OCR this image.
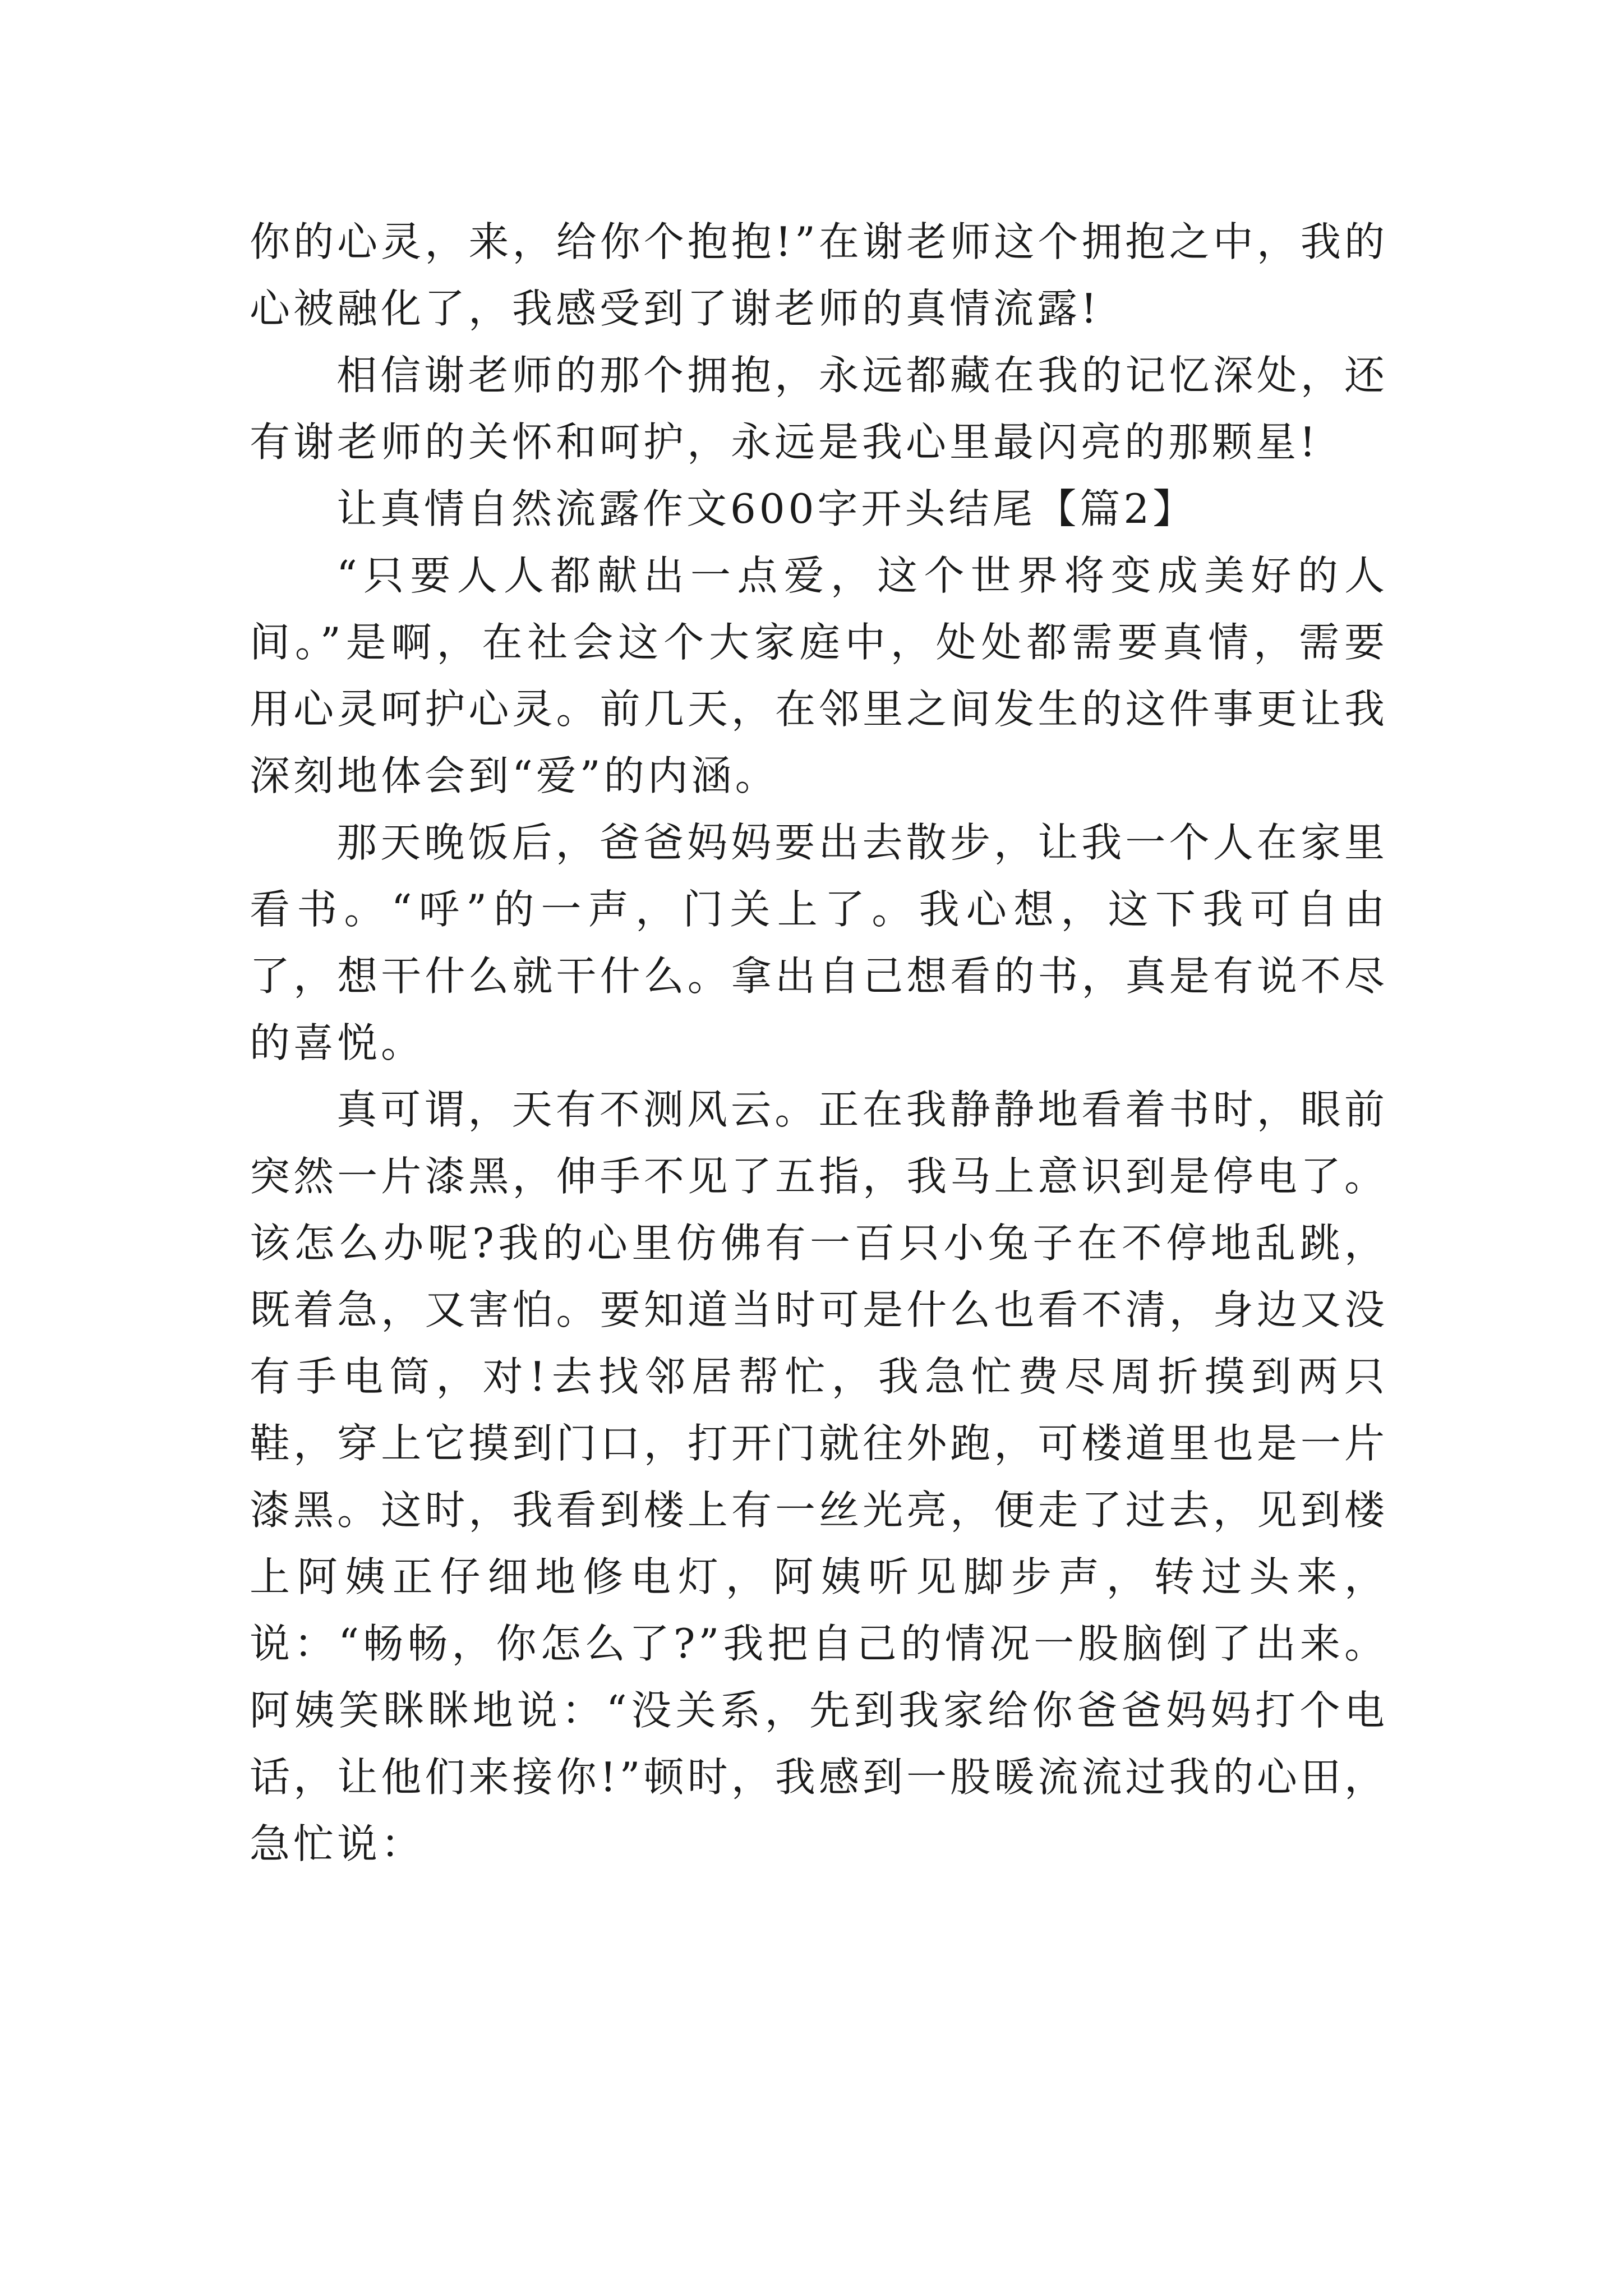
你的心灵，来，给你个抱抱!”在谢老师这个拥抱之中，我的心被融化了，我感受到了谢老师的真情流露!

相信谢老师的那个拥抱，永远都藏在我的记忆深处，还有谢老师的关怀和呵护，永远是我心里最闪亮的那颗星!

让真情自然流露作文600字开头结尾【篇2】

“只要人人都献出一点爱，这个世界将变成美好的人间。”是啊，在社会这个大家庭中，处处都需要真情，需要用心灵呵护心灵。前几天，在邻里之间发生的这件事更让我深刻地体会到“爱”的内涵。

那天晚饭后，爸爸妈妈要出去散步，让我一个人在家里看书。“呼”的一声，门关上了。我心想，这下我可自由了，想干什么就干什么。拿出自己想看的书，真是有说不尽的喜悦。

真可谓，天有不测风云。正在我静静地看着书时，眼前突然一片漆黑，伸手不见了五指，我马上意识到是停电了。该怎么办呢?我的心里仿佛有一百只小兔子在不停地乱跳，既着急，又害怕。要知道当时可是什么也看不清，身边又没有手电筒，对!去找邻居帮忙，我急忙费尽周折摸到两只鞋，穿上它摸到门口，打开门就往外跑，可楼道里也是一片漆黑。这时，我看到楼上有一丝光亮，便走了过去，见到楼上阿姨正仔细地修电灯，阿姨听见脚步声，转过头来，说：“畅畅，你怎么了?”我把自己的情况一股脑倒了出来。阿姨笑眯眯地说：“没关系，先到我家给你爸爸妈妈打个电话，让他们来接你!”顿时，我感到一股暖流流过我的心田，急忙说：
